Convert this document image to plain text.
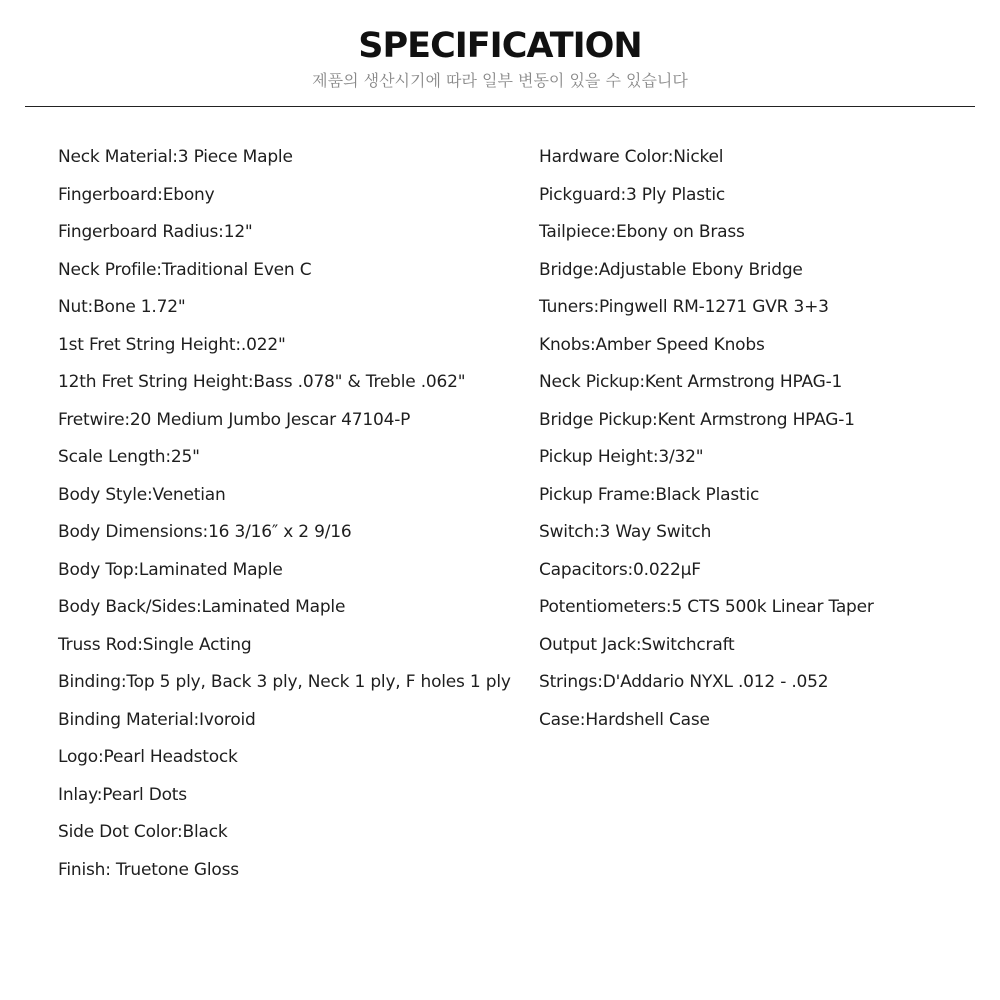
SPECIFICATION
제품의 생산시기에 따라 일부 변동이 있을 수 있습니다
Neck Material:3 Piece Maple
Fingerboard:Ebony
Fingerboard Radius:12"
Neck Profile:Traditional Even C
Nut:Bone 1.72"
1st Fret String Height:.022"
12th Fret String Height:Bass .078" & Treble .062"
Fretwire:20 Medium Jumbo Jescar 47104-P
Scale Length:25"
Body Style:Venetian
Body Dimensions:16 3/16″ x 2 9/16
Body Top:Laminated Maple
Body Back/Sides:Laminated Maple
Truss Rod:Single Acting
Binding:Top 5 ply, Back 3 ply, Neck 1 ply, F holes 1 ply
Binding Material:Ivoroid
Logo:Pearl Headstock
Inlay:Pearl Dots
Side Dot Color:Black
Finish: Truetone Gloss
Hardware Color:Nickel
Pickguard:3 Ply Plastic
Tailpiece:Ebony on Brass
Bridge:Adjustable Ebony Bridge
Tuners:Pingwell RM-1271 GVR 3+3
Knobs:Amber Speed Knobs
Neck Pickup:Kent Armstrong HPAG-1
Bridge Pickup:Kent Armstrong HPAG-1
Pickup Height:3/32"
Pickup Frame:Black Plastic
Switch:3 Way Switch
Capacitors:0.022µF
Potentiometers:5 CTS 500k Linear Taper
Output Jack:Switchcraft
Strings:D'Addario NYXL .012 - .052
Case:Hardshell Case
